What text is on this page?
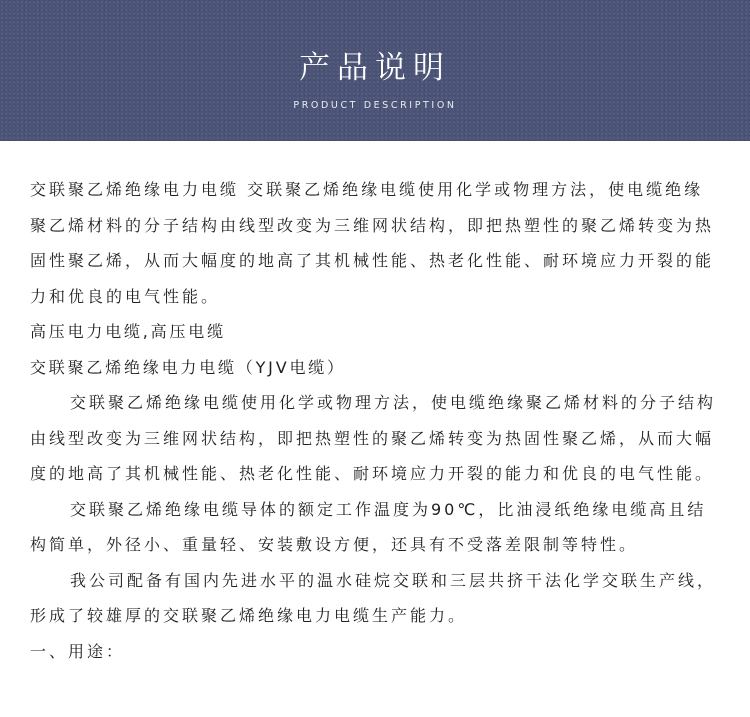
产品说明
PRODUCT DESCRIPTION

交联聚乙烯绝缘电力电缆 交联聚乙烯绝缘电缆使用化学或物理方法，使电缆绝缘聚乙烯材料的分子结构由线型改变为三维网状结构，即把热塑性的聚乙烯转变为热固性聚乙烯，从而大幅度的地高了其机械性能、热老化性能、耐环境应力开裂的能力和优良的电气性能。

高压电力电缆,高压电缆

交联聚乙烯绝缘电力电缆（YJV电缆）

交联聚乙烯绝缘电缆使用化学或物理方法，使电缆绝缘聚乙烯材料的分子结构由线型改变为三维网状结构，即把热塑性的聚乙烯转变为热固性聚乙烯，从而大幅度的地高了其机械性能、热老化性能、耐环境应力开裂的能力和优良的电气性能。

交联聚乙烯绝缘电缆导体的额定工作温度为90℃，比油浸纸绝缘电缆高且结构简单，外径小、重量轻、安装敷设方便，还具有不受落差限制等特性。

我公司配备有国内先进水平的温水硅烷交联和三层共挤干法化学交联生产线，形成了较雄厚的交联聚乙烯绝缘电力电缆生产能力。

一、用途：
